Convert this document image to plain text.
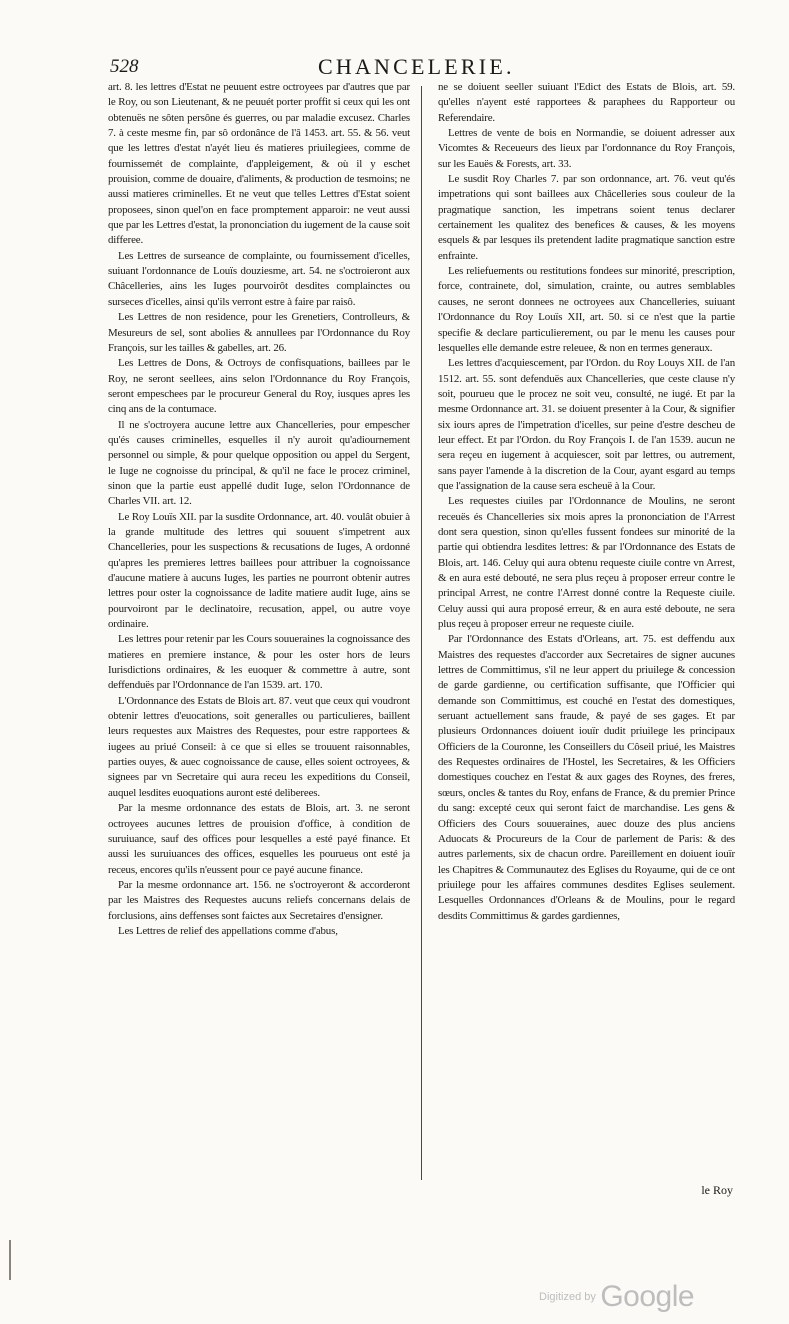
528	CHANCELERIE.

art. 8. les lettres d'Estat ne peuuent estre octroyees par d'autres que par le Roy, ou son Lieutenant, & ne peuuét porter proffit si ceux qui les ont obtenuës ne sôten persône és guerres, ou par maladie excusez. Charles 7. à ceste mesme fin, par sô ordonânce de l'â 1453. art. 55. & 56. veut que les lettres d'estat n'ayét lieu és matieres priuilegiees, comme de fournissemét de complainte, d'appleigement, & où il y eschet prouision, comme de douaire, d'aliments, & production de tesmoins; ne aussi matieres criminelles. Et ne veut que telles Lettres d'Estat soient proposees, sinon quel'on en face promptement apparoir: ne veut aussi que par les Lettres d'estat, la prononciation du iugement de la cause soit differee.

Les Lettres de surseance de complainte, ou fournissement d'icelles, suiuant l'ordonnance de Louïs douziesme, art. 54. ne s'octroieront aux Châcelleries, ains les Iuges pourvoirôt desdites complainctes ou surseces d'icelles, ainsi qu'ils verront estre à faire par raisô.

Les Lettres de non residence, pour les Grenetiers, Controlleurs, & Mesureurs de sel, sont abolies & annullees par l'Ordonnance du Roy François, sur les tailles & gabelles, art. 26.

Les Lettres de Dons, & Octroys de confisquations, baillees par le Roy, ne seront seellees, ains selon l'Ordonnance du Roy François, seront empeschees par le procureur General du Roy, iusques apres les cinq ans de la contumace.

Il ne s'octroyera aucune lettre aux Chancelleries, pour empescher qu'és causes criminelles, esquelles il n'y auroit qu'adiournement personnel ou simple, & pour quelque opposition ou appel du Sergent, le Iuge ne cognoisse du principal, & qu'il ne face le procez criminel, sinon que la partie eust appellé dudit Iuge, selon l'Ordonnance de Charles VII. art. 12.

Le Roy Louïs XII. par la susdite Ordonnance, art. 40. voulât obuier à la grande multitude des lettres qui souuent s'impetrent aux Chancelleries, pour les suspections & recusations de Iuges, A ordonné qu'apres les premieres lettres baillees pour attribuer la cognoissance d'aucune matiere à aucuns Iuges, les parties ne pourront obtenir autres lettres pour oster la cognoissance de ladite matiere audit Iuge, ains se pourvoiront par le declinatoire, recusation, appel, ou autre voye ordinaire.

Les lettres pour retenir par les Cours souueraines la cognoissance des matieres en premiere instance, & pour les oster hors de leurs Iurisdictions ordinaires, & les euoquer & commettre à autre, sont deffenduës par l'Ordonnance de l'an 1539. art. 170.

L'Ordonnance des Estats de Blois art. 87. veut que ceux qui voudront obtenir lettres d'euocations, soit generalles ou particulieres, baillent leurs requestes aux Maistres des Requestes, pour estre rapportees & iugees au priué Conseil: à ce que si elles se trouuent raisonnables, parties ouyes, & auec cognoissance de cause, elles soient octroyees, & signees par vn Secretaire qui aura receu les expeditions du Conseil, auquel lesdites euoquations auront esté deliberees.

Par la mesme ordonnance des estats de Blois, art. 3. ne seront octroyees aucunes lettres de prouision d'office, à condition de suruiuance, sauf des offices pour lesquelles a esté payé finance. Et aussi les suruiuances des offices, esquelles les pourueus ont esté ja receus, encores qu'ils n'eussent pour ce payé aucune finance.

Par la mesme ordonnance art. 156. ne s'octroyeront & accorderont par les Maistres des Requestes aucuns reliefs concernans delais de forclusions, ains deffenses sont faictes aux Secretaires d'ensigner.

Les Lettres de relief des appellations comme d'abus,

ne se doiuent seeller suiuant l'Edict des Estats de Blois, art. 59. qu'elles n'ayent esté rapportees & paraphees du Rapporteur ou Referendaire.

Lettres de vente de bois en Normandie, se doiuent adresser aux Vicomtes & Receueurs des lieux par l'ordonnance du Roy François, sur les Eauës & Forests, art. 33.

Le susdit Roy Charles 7. par son ordonnance, art. 76. veut qu'és impetrations qui sont baillees aux Châcelleries sous couleur de la pragmatique sanction, les impetrans soient tenus declarer certainement les qualitez des benefices & causes, & les moyens esquels & par lesques ils pretendent ladite pragmatique sanction estre enfrainte.

Les reliefuements ou restitutions fondees sur minorité, prescription, force, contrainete, dol, simulation, crainte, ou autres semblables causes, ne seront donnees ne octroyees aux Chancelleries, suiuant l'Ordonnance du Roy Louïs XII, art. 50. si ce n'est que la partie specifie & declare particulierement, ou par le menu les causes pour lesquelles elle demande estre releuee, & non en termes generaux.

Les lettres d'acquiescement, par l'Ordon. du Roy Louys XII. de l'an 1512. art. 55. sont defenduës aux Chancelleries, que ceste clause n'y soit, pourueu que le procez ne soit veu, consulté, ne iugé. Et par la mesme Ordonnance art. 31. se doiuent presenter à la Cour, & signifier six iours apres de l'impetration d'icelles, sur peine d'estre descheu de leur effect. Et par l'Ordon. du Roy François I. de l'an 1539. aucun ne sera reçeu en iugement à acquiescer, soit par lettres, ou autrement, sans payer l'amende à la discretion de la Cour, ayant esgard au temps que l'assignation de la cause sera escheuë à la Cour.

Les requestes ciuiles par l'Ordonnance de Moulins, ne seront receuës és Chancelleries six mois apres la prononciation de l'Arrest dont sera question, sinon qu'elles fussent fondees sur minorité de la partie qui obtiendra lesdites lettres: & par l'Ordonnance des Estats de Blois, art. 146. Celuy qui aura obtenu requeste ciuile contre vn Arrest, & en aura esté debouté, ne sera plus reçeu à proposer erreur contre le principal Arrest, ne contre l'Arrest donné contre la Requeste ciuile. Celuy aussi qui aura proposé erreur, & en aura esté deboute, ne sera plus reçeu à proposer erreur ne requeste ciuile.

Par l'Ordonnance des Estats d'Orleans, art. 75. est deffendu aux Maistres des requestes d'accorder aux Secretaires de signer aucunes lettres de Committimus, s'il ne leur appert du priuilege & concession de garde gardienne, ou certification suffisante, que l'Officier qui demande son Committimus, est couché en l'estat des domestiques, seruant actuellement sans fraude, & payé de ses gages. Et par plusieurs Ordonnances doiuent iouïr dudit priuilege les principaux Officiers de la Couronne, les Conseillers du Côseil priué, les Maistres des Requestes ordinaires de l'Hostel, les Secretaires, & les Officiers domestiques couchez en l'estat & aux gages des Roynes, des freres, sœurs, oncles & tantes du Roy, enfans de France, & du premier Prince du sang: excepté ceux qui seront faict de marchandise. Les gens & Officiers des Cours souueraines, auec douze des plus anciens Aduocats & Procureurs de la Cour de parlement de Paris: & des autres parlements, six de chacun ordre. Pareillement en doiuent iouïr les Chapitres & Communautez des Eglises du Royaume, qui de ce ont priuilege pour les affaires communes desdites Eglises seulement. Lesquelles Ordonnances d'Orleans & de Moulins, pour le regard desdits Committimus & gardes gardiennes,

le Roy
Digitized by Google
